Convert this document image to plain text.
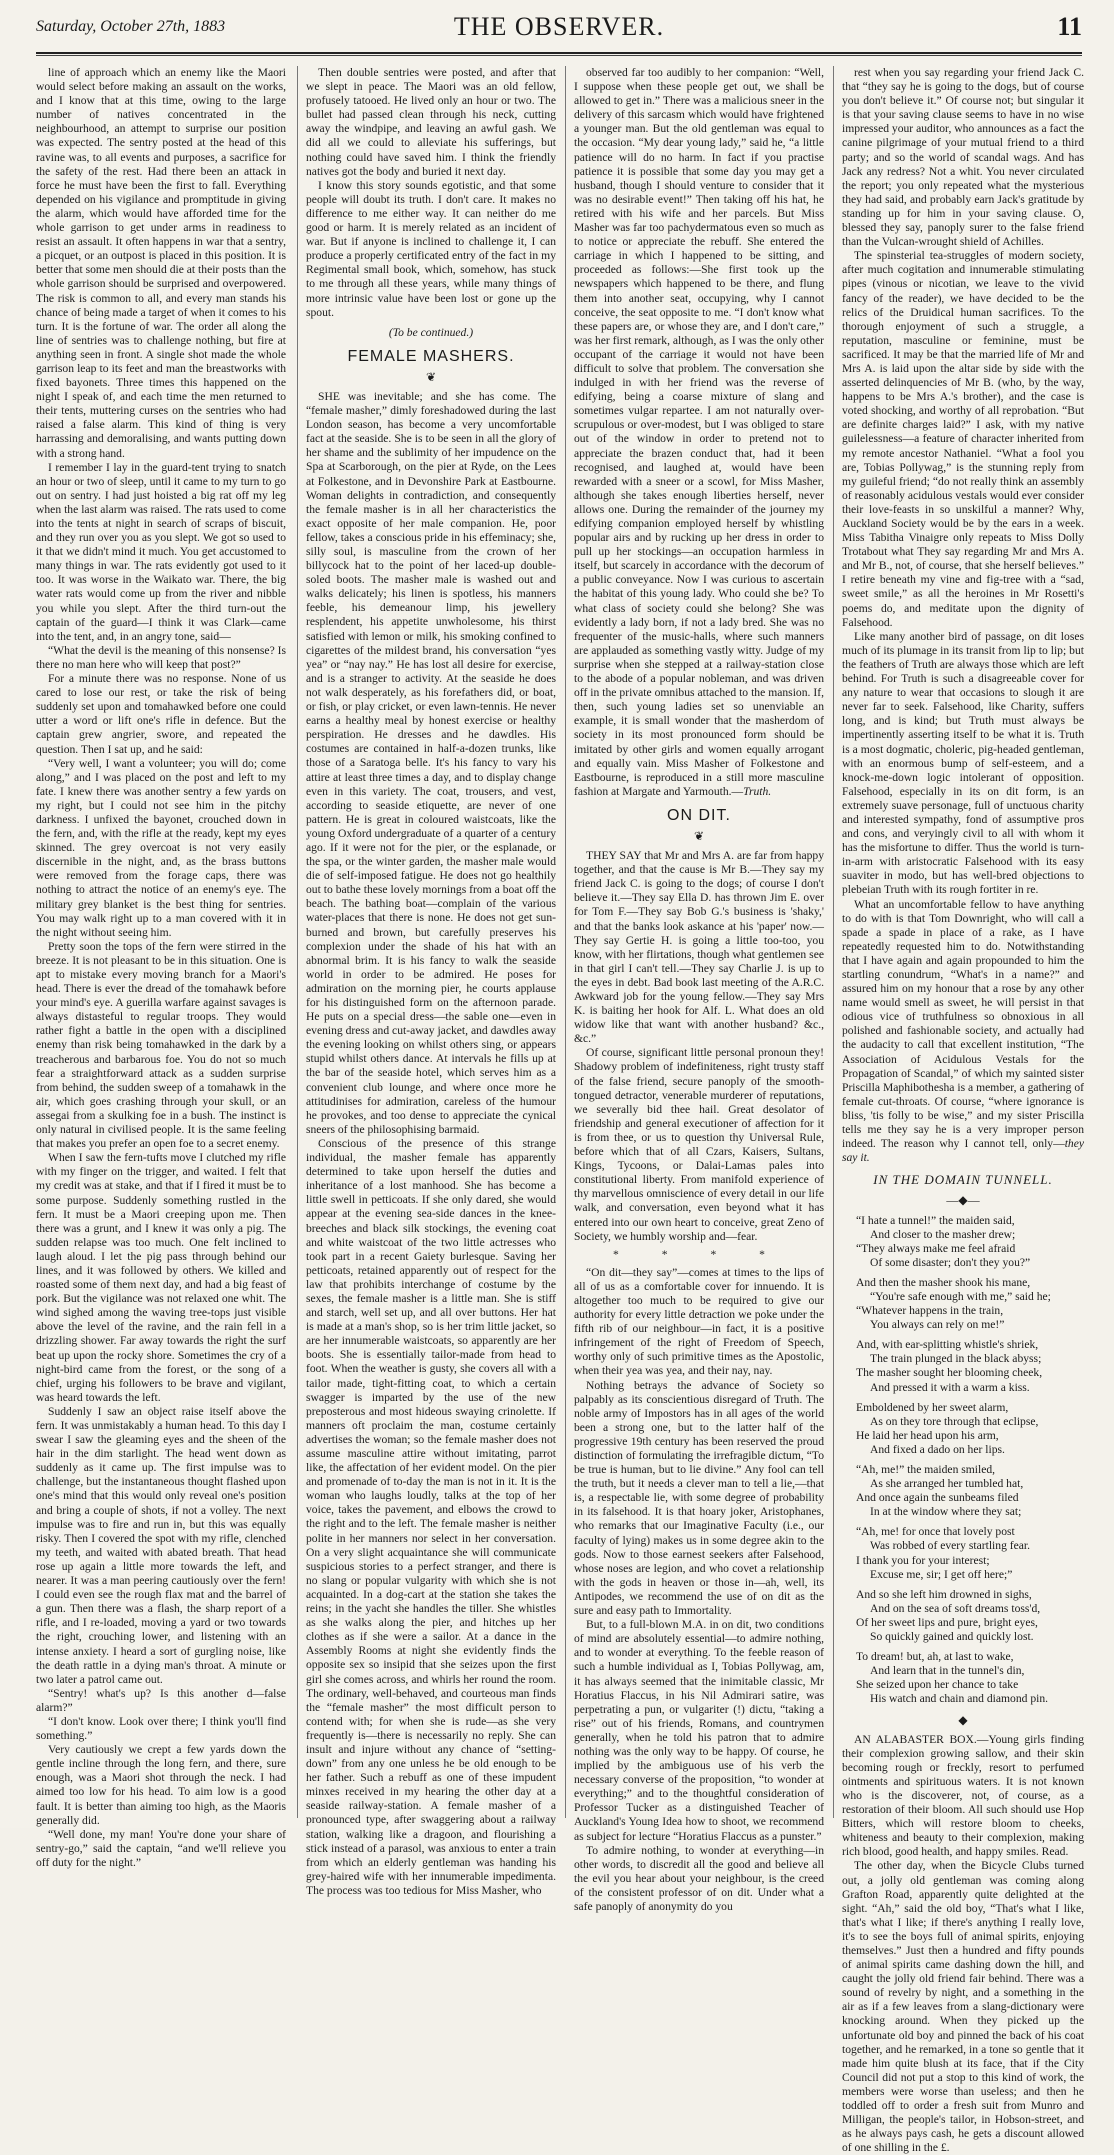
Saturday, October 27th, 1883	THE OBSERVER.	11

line of approach which an enemy like the Maori would select before making an assault on the works, and I know that at this time, owing to the large number of natives concentrated in the neighbourhood, an attempt to surprise our position was expected. The sentry posted at the head of this ravine was, to all events and purposes, a sacrifice for the safety of the rest. Had there been an attack in force he must have been the first to fall. Everything depended on his vigilance and promptitude in giving the alarm, which would have afforded time for the whole garrison to get under arms in readiness to resist an assault. It often happens in war that a sentry, a picquet, or an outpost is placed in this position. It is better that some men should die at their posts than the whole garrison should be surprised and overpowered. The risk is common to all, and every man stands his chance of being made a target of when it comes to his turn. It is the fortune of war. The order all along the line of sentries was to challenge nothing, but fire at anything seen in front. A single shot made the whole garrison leap to its feet and man the breastworks with fixed bayonets. Three times this happened on the night I speak of, and each time the men returned to their tents, muttering curses on the sentries who had raised a false alarm. This kind of thing is very harrassing and demoralising, and wants putting down with a strong hand.

I remember I lay in the guard-tent trying to snatch an hour or two of sleep, until it came to my turn to go out on sentry. I had just hoisted a big rat off my leg when the last alarm was raised. The rats used to come into the tents at night in search of scraps of biscuit, and they run over you as you slept. We got so used to it that we didn't mind it much. You get accustomed to many things in war. The rats evidently got used to it too. It was worse in the Waikato war. There, the big water rats would come up from the river and nibble you while you slept. After the third turn-out the captain of the guard—I think it was Clark—came into the tent, and, in an angry tone, said—

“What the devil is the meaning of this nonsense? Is there no man here who will keep that post?”

For a minute there was no response. None of us cared to lose our rest, or take the risk of being suddenly set upon and tomahawked before one could utter a word or lift one's rifle in defence. But the captain grew angrier, swore, and repeated the question. Then I sat up, and he said:

“Very well, I want a volunteer; you will do; come along,” and I was placed on the post and left to my fate. I knew there was another sentry a few yards on my right, but I could not see him in the pitchy darkness. I unfixed the bayonet, crouched down in the fern, and, with the rifle at the ready, kept my eyes skinned. The grey overcoat is not very easily discernible in the night, and, as the brass buttons were removed from the forage caps, there was nothing to attract the notice of an enemy's eye. The military grey blanket is the best thing for sentries. You may walk right up to a man covered with it in the night without seeing him.

Pretty soon the tops of the fern were stirred in the breeze. It is not pleasant to be in this situation. One is apt to mistake every moving branch for a Maori's head. There is ever the dread of the tomahawk before your mind's eye. A guerilla warfare against savages is always distasteful to regular troops. They would rather fight a battle in the open with a disciplined enemy than risk being tomahawked in the dark by a treacherous and barbarous foe. You do not so much fear a straightforward attack as a sudden surprise from behind, the sudden sweep of a tomahawk in the air, which goes crashing through your skull, or an assegai from a skulking foe in a bush. The instinct is only natural in civilised people. It is the same feeling that makes you prefer an open foe to a secret enemy.

When I saw the fern-tufts move I clutched my rifle with my finger on the trigger, and waited. I felt that my credit was at stake, and that if I fired it must be to some purpose. Suddenly something rustled in the fern. It must be a Maori creeping upon me. Then there was a grunt, and I knew it was only a pig. The sudden relapse was too much. One felt inclined to laugh aloud. I let the pig pass through behind our lines, and it was followed by others. We killed and roasted some of them next day, and had a big feast of pork. But the vigilance was not relaxed one whit. The wind sighed among the waving tree-tops just visible above the level of the ravine, and the rain fell in a drizzling shower. Far away towards the right the surf beat up upon the rocky shore. Sometimes the cry of a night-bird came from the forest, or the song of a chief, urging his followers to be brave and vigilant, was heard towards the left.

Suddenly I saw an object raise itself above the fern. It was unmistakably a human head. To this day I swear I saw the gleaming eyes and the sheen of the hair in the dim starlight. The head went down as suddenly as it came up. The first impulse was to challenge, but the instantaneous thought flashed upon one's mind that this would only reveal one's position and bring a couple of shots, if not a volley. The next impulse was to fire and run in, but this was equally risky. Then I covered the spot with my rifle, clenched my teeth, and waited with abated breath. That head rose up again a little more towards the left, and nearer. It was a man peering cautiously over the fern! I could even see the rough flax mat and the barrel of a gun. Then there was a flash, the sharp report of a rifle, and I re-loaded, moving a yard or two towards the right, crouching lower, and listening with an intense anxiety. I heard a sort of gurgling noise, like the death rattle in a dying man's throat. A minute or two later a patrol came out.

“Sentry! what's up? Is this another d—false alarm?”

“I don't know. Look over there; I think you'll find something.”

Very cautiously we crept a few yards down the gentle incline through the long fern, and there, sure enough, was a Maori shot through the neck. I had aimed too low for his head. To aim low is a good fault. It is better than aiming too high, as the Maoris generally did.

“Well done, my man! You're done your share of sentry-go,” said the captain, “and we'll relieve you off duty for the night.”

Then double sentries were posted, and after that we slept in peace. The Maori was an old fellow, profusely tatooed. He lived only an hour or two. The bullet had passed clean through his neck, cutting away the windpipe, and leaving an awful gash. We did all we could to alleviate his sufferings, but nothing could have saved him. I think the friendly natives got the body and buried it next day.

I know this story sounds egotistic, and that some people will doubt its truth. I don't care. It makes no difference to me either way. It can neither do me good or harm. It is merely related as an incident of war. But if anyone is inclined to challenge it, I can produce a properly certificated entry of the fact in my Regimental small book, which, somehow, has stuck to me through all these years, while many things of more intrinsic value have been lost or gone up the spout.

(To be continued.)
FEMALE MASHERS.
❦

SHE was inevitable; and she has come. The “female masher,” dimly foreshadowed during the last London season, has become a very uncomfortable fact at the seaside. She is to be seen in all the glory of her shame and the sublimity of her impudence on the Spa at Scarborough, on the pier at Ryde, on the Lees at Folkestone, and in Devonshire Park at Eastbourne. Woman delights in contradiction, and consequently the female masher is in all her characteristics the exact opposite of her male companion. He, poor fellow, takes a conscious pride in his effeminacy; she, silly soul, is masculine from the crown of her billycock hat to the point of her laced-up double-soled boots. The masher male is washed out and walks delicately; his linen is spotless, his manners feeble, his demeanour limp, his jewellery resplendent, his appetite unwholesome, his thirst satisfied with lemon or milk, his smoking confined to cigarettes of the mildest brand, his conversation “yes yea” or “nay nay.” He has lost all desire for exercise, and is a stranger to activity. At the seaside he does not walk desperately, as his forefathers did, or boat, or fish, or play cricket, or even lawn-tennis. He never earns a healthy meal by honest exercise or healthy perspiration. He dresses and he dawdles. His costumes are contained in half-a-dozen trunks, like those of a Saratoga belle. It's his fancy to vary his attire at least three times a day, and to display change even in this variety. The coat, trousers, and vest, according to seaside etiquette, are never of one pattern. He is great in coloured waistcoats, like the young Oxford undergraduate of a quarter of a century ago. If it were not for the pier, or the esplanade, or the spa, or the winter garden, the masher male would die of self-imposed fatigue. He does not go healthily out to bathe these lovely mornings from a boat off the beach. The bathing boat—complain of the various water-places that there is none. He does not get sun-burned and brown, but carefully preserves his complexion under the shade of his hat with an abnormal brim. It is his fancy to walk the seaside world in order to be admired. He poses for admiration on the morning pier, he courts applause for his distinguished form on the afternoon parade. He puts on a special dress—the sable one—even in evening dress and cut-away jacket, and dawdles away the evening looking on whilst others sing, or appears stupid whilst others dance. At intervals he fills up at the bar of the seaside hotel, which serves him as a convenient club lounge, and where once more he attitudinises for admiration, careless of the humour he provokes, and too dense to appreciate the cynical sneers of the philosophising barmaid.

Conscious of the presence of this strange individual, the masher female has apparently determined to take upon herself the duties and inheritance of a lost manhood. She has become a little swell in petticoats. If she only dared, she would appear at the evening sea-side dances in the knee-breeches and black silk stockings, the evening coat and white waistcoat of the two little actresses who took part in a recent Gaiety burlesque. Saving her petticoats, retained apparently out of respect for the law that prohibits interchange of costume by the sexes, the female masher is a little man. She is stiff and starch, well set up, and all over buttons. Her hat is made at a man's shop, so is her trim little jacket, so are her innumerable waistcoats, so apparently are her boots. She is essentially tailor-made from head to foot. When the weather is gusty, she covers all with a tailor made, tight-fitting coat, to which a certain swagger is imparted by the use of the new preposterous and most hideous swaying crinolette. If manners oft proclaim the man, costume certainly advertises the woman; so the female masher does not assume masculine attire without imitating, parrot like, the affectation of her evident model. On the pier and promenade of to-day the man is not in it. It is the woman who laughs loudly, talks at the top of her voice, takes the pavement, and elbows the crowd to the right and to the left. The female masher is neither polite in her manners nor select in her conversation. On a very slight acquaintance she will communicate suspicious stories to a perfect stranger, and there is no slang or popular vulgarity with which she is not acquainted. In a dog-cart at the station she takes the reins; in the yacht she handles the tiller. She whistles as she walks along the pier, and hitches up her clothes as if she were a sailor. At a dance in the Assembly Rooms at night she evidently finds the opposite sex so insipid that she seizes upon the first girl she comes across, and whirls her round the room. The ordinary, well-behaved, and courteous man finds the “female masher” the most difficult person to contend with; for when she is rude—as she very frequently is—there is necessarily no reply. She can insult and injure without any chance of “setting-down” from any one unless he be old enough to be her father. Such a rebuff as one of these impudent minxes received in my hearing the other day at a seaside railway-station. A female masher of a pronounced type, after swaggering about a railway station, walking like a dragoon, and flourishing a stick instead of a parasol, was anxious to enter a train from which an elderly gentleman was handing his grey-haired wife with her innumerable impedimenta. The process was too tedious for Miss Masher, who

observed far too audibly to her companion: “Well, I suppose when these people get out, we shall be allowed to get in.” There was a malicious sneer in the delivery of this sarcasm which would have frightened a younger man. But the old gentleman was equal to the occasion. “My dear young lady,” said he, “a little patience will do no harm. In fact if you practise patience it is possible that some day you may get a husband, though I should venture to consider that it was no desirable event!” Then taking off his hat, he retired with his wife and her parcels. But Miss Masher was far too pachydermatous even so much as to notice or appreciate the rebuff. She entered the carriage in which I happened to be sitting, and proceeded as follows:—She first took up the newspapers which happened to be there, and flung them into another seat, occupying, why I cannot conceive, the seat opposite to me. “I don't know what these papers are, or whose they are, and I don't care,” was her first remark, although, as I was the only other occupant of the carriage it would not have been difficult to solve that problem. The conversation she indulged in with her friend was the reverse of edifying, being a coarse mixture of slang and sometimes vulgar repartee. I am not naturally over-scrupulous or over-modest, but I was obliged to stare out of the window in order to pretend not to appreciate the brazen conduct that, had it been recognised, and laughed at, would have been rewarded with a sneer or a scowl, for Miss Masher, although she takes enough liberties herself, never allows one. During the remainder of the journey my edifying companion employed herself by whistling popular airs and by rucking up her dress in order to pull up her stockings—an occupation harmless in itself, but scarcely in accordance with the decorum of a public conveyance. Now I was curious to ascertain the habitat of this young lady. Who could she be? To what class of society could she belong? She was evidently a lady born, if not a lady bred. She was no frequenter of the music-halls, where such manners are applauded as something vastly witty. Judge of my surprise when she stepped at a railway-station close to the abode of a popular nobleman, and was driven off in the private omnibus attached to the mansion. If, then, such young ladies set so unenviable an example, it is small wonder that the masherdom of society in its most pronounced form should be imitated by other girls and women equally arrogant and equally vain. Miss Masher of Folkestone and Eastbourne, is reproduced in a still more masculine fashion at Margate and Yarmouth.—Truth.

ON DIT.
❦

THEY SAY that Mr and Mrs A. are far from happy together, and that the cause is Mr B.—They say my friend Jack C. is going to the dogs; of course I don't believe it.—They say Ella D. has thrown Jim E. over for Tom F.—They say Bob G.'s business is 'shaky,' and that the banks look askance at his 'paper' now.—They say Gertie H. is going a little too-too, you know, with her flirtations, though what gentlemen see in that girl I can't tell.—They say Charlie J. is up to the eyes in debt. Bad book last meeting of the A.R.C. Awkward job for the young fellow.—They say Mrs K. is baiting her hook for Alf. L. What does an old widow like that want with another husband? &c., &c.”

Of course, significant little personal pronoun they! Shadowy problem of indefiniteness, right trusty staff of the false friend, secure panoply of the smooth-tongued detractor, venerable murderer of reputations, we severally bid thee hail. Great desolator of friendship and general executioner of affection for it is from thee, or us to question thy Universal Rule, before which that of all Czars, Kaisers, Sultans, Kings, Tycoons, or Dalai-Lamas pales into constitutional liberty. From manifold experience of thy marvellous omniscience of every detail in our life walk, and conversation, even beyond what it has entered into our own heart to conceive, great Zeno of Society, we humbly worship and—fear.

* * * *

“On dit—they say”—comes at times to the lips of all of us as a comfortable cover for innuendo. It is altogether too much to be required to give our authority for every little detraction we poke under the fifth rib of our neighbour—in fact, it is a positive infringement of the right of Freedom of Speech, worthy only of such primitive times as the Apostolic, when their yea was yea, and their nay, nay.

Nothing betrays the advance of Society so palpably as its conscientious disregard of Truth. The noble army of Impostors has in all ages of the world been a strong one, but to the latter half of the progressive 19th century has been reserved the proud distinction of formulating the irrefragible dictum, “To be true is human, but to lie divine.” Any fool can tell the truth, but it needs a clever man to tell a lie,—that is, a respectable lie, with some degree of probability in its falsehood. It is that hoary joker, Aristophanes, who remarks that our Imaginative Faculty (i.e., our faculty of lying) makes us in some degree akin to the gods. Now to those earnest seekers after Falsehood, whose noses are legion, and who covet a relationship with the gods in heaven or those in—ah, well, its Antipodes, we recommend the use of on dit as the sure and easy path to Immortality.

But, to a full-blown M.A. in on dit, two conditions of mind are absolutely essential—to admire nothing, and to wonder at everything. To the feeble reason of such a humble individual as I, Tobias Pollywag, am, it has always seemed that the inimitable classic, Mr Horatius Flaccus, in his Nil Admirari satire, was perpetrating a pun, or vulgariter (!) dictu, “taking a rise” out of his friends, Romans, and countrymen generally, when he told his patron that to admire nothing was the only way to be happy. Of course, he implied by the ambiguous use of his verb the necessary converse of the proposition, “to wonder at everything;” and to the thoughtful consideration of Professor Tucker as a distinguished Teacher of Auckland's Young Idea how to shoot, we recommend as subject for lecture “Horatius Flaccus as a punster.”

To admire nothing, to wonder at everything—in other words, to discredit all the good and believe all the evil you hear about your neighbour, is the creed of the consistent professor of on dit. Under what a safe panoply of anonymity do you

rest when you say regarding your friend Jack C. that “they say he is going to the dogs, but of course you don't believe it.” Of course not; but singular it is that your saving clause seems to have in no wise impressed your auditor, who announces as a fact the canine pilgrimage of your mutual friend to a third party; and so the world of scandal wags. And has Jack any redress? Not a whit. You never circulated the report; you only repeated what the mysterious they had said, and probably earn Jack's gratitude by standing up for him in your saving clause. O, blessed they say, panoply surer to the false friend than the Vulcan-wrought shield of Achilles.

The spinsterial tea-struggles of modern society, after much cogitation and innumerable stimulating pipes (vinous or nicotian, we leave to the vivid fancy of the reader), we have decided to be the relics of the Druidical human sacrifices. To the thorough enjoyment of such a struggle, a reputation, masculine or feminine, must be sacrificed. It may be that the married life of Mr and Mrs A. is laid upon the altar side by side with the asserted delinquencies of Mr B. (who, by the way, happens to be Mrs A.'s brother), and the case is voted shocking, and worthy of all reprobation. “But are definite charges laid?” I ask, with my native guilelessness—a feature of character inherited from my remote ancestor Nathaniel. “What a fool you are, Tobias Pollywag,” is the stunning reply from my guileful friend; “do not really think an assembly of reasonably acidulous vestals would ever consider their love-feasts in so unskilful a manner? Why, Auckland Society would be by the ears in a week. Miss Tabitha Vinaigre only repeats to Miss Dolly Trotabout what They say regarding Mr and Mrs A. and Mr B., not, of course, that she herself believes.” I retire beneath my vine and fig-tree with a “sad, sweet smile,” as all the heroines in Mr Rosetti's poems do, and meditate upon the dignity of Falsehood.

Like many another bird of passage, on dit loses much of its plumage in its transit from lip to lip; but the feathers of Truth are always those which are left behind. For Truth is such a disagreeable cover for any nature to wear that occasions to slough it are never far to seek. Falsehood, like Charity, suffers long, and is kind; but Truth must always be impertinently asserting itself to be what it is. Truth is a most dogmatic, choleric, pig-headed gentleman, with an enormous bump of self-esteem, and a knock-me-down logic intolerant of opposition. Falsehood, especially in its on dit form, is an extremely suave personage, full of unctuous charity and interested sympathy, fond of assumptive pros and cons, and veryingly civil to all with whom it has the misfortune to differ. Thus the world is turn-in-arm with aristocratic Falsehood with its easy suaviter in modo, but has well-bred objections to plebeian Truth with its rough fortiter in re.

What an uncomfortable fellow to have anything to do with is that Tom Downright, who will call a spade a spade in place of a rake, as I have repeatedly requested him to do. Notwithstanding that I have again and again propounded to him the startling conundrum, “What's in a name?” and assured him on my honour that a rose by any other name would smell as sweet, he will persist in that odious vice of truthfulness so obnoxious in all polished and fashionable society, and actually had the audacity to call that excellent institution, “The Association of Acidulous Vestals for the Propagation of Scandal,” of which my sainted sister Priscilla Maphibothesha is a member, a gathering of female cut-throats. Of course, “where ignorance is bliss, 'tis folly to be wise,” and my sister Priscilla tells me they say he is a very improper person indeed. The reason why I cannot tell, only—they say it.

IN THE DOMAIN TUNNELL.
—◆—

“I hate a tunnel!” the maiden said,

And closer to the masher drew;

“They always make me feel afraid

Of some disaster; don't they you?”

And then the masher shook his mane,

“You're safe enough with me,” said he;

“Whatever happens in the train,

You always can rely on me!”

And, with ear-splitting whistle's shriek,

The train plunged in the black abyss;

The masher sought her blooming cheek,

And pressed it with a warm a kiss.

Emboldened by her sweet alarm,

As on they tore through that eclipse,

He laid her head upon his arm,

And fixed a dado on her lips.

“Ah, me!” the maiden smiled,

As she arranged her tumbled hat,

And once again the sunbeams filed

In at the window where they sat;

“Ah, me! for once that lovely post

Was robbed of every startling fear.

I thank you for your interest;

Excuse me, sir; I get off here;”

And so she left him drowned in sighs,

And on the sea of soft dreams toss'd,

Of her sweet lips and pure, bright eyes,

So quickly gained and quickly lost.

To dream! but, ah, at last to wake,

And learn that in the tunnel's din,

She seized upon her chance to take

His watch and chain and diamond pin.

◆

AN ALABASTER BOX.—Young girls finding their complexion growing sallow, and their skin becoming rough or freckly, resort to perfumed ointments and spirituous waters. It is not known who is the discoverer, not, of course, as a restoration of their bloom. All such should use Hop Bitters, which will restore bloom to cheeks, whiteness and beauty to their complexion, making rich blood, good health, and happy smiles. Read.

The other day, when the Bicycle Clubs turned out, a jolly old gentleman was coming along Grafton Road, apparently quite delighted at the sight. “Ah,” said the old boy, “That's what I like, that's what I like; if there's anything I really love, it's to see the boys full of animal spirits, enjoying themselves.” Just then a hundred and fifty pounds of animal spirits came dashing down the hill, and caught the jolly old friend fair behind. There was a sound of revelry by night, and a something in the air as if a few leaves from a slang-dictionary were knocking around. When they picked up the unfortunate old boy and pinned the back of his coat together, and he remarked, in a tone so gentle that it made him quite blush at its face, that if the City Council did not put a stop to this kind of work, the members were worse than useless; and then he toddled off to order a fresh suit from Munro and Milligan, the people's tailor, in Hobson-street, and as he always pays cash, he gets a discount allowed of one shilling in the £.
